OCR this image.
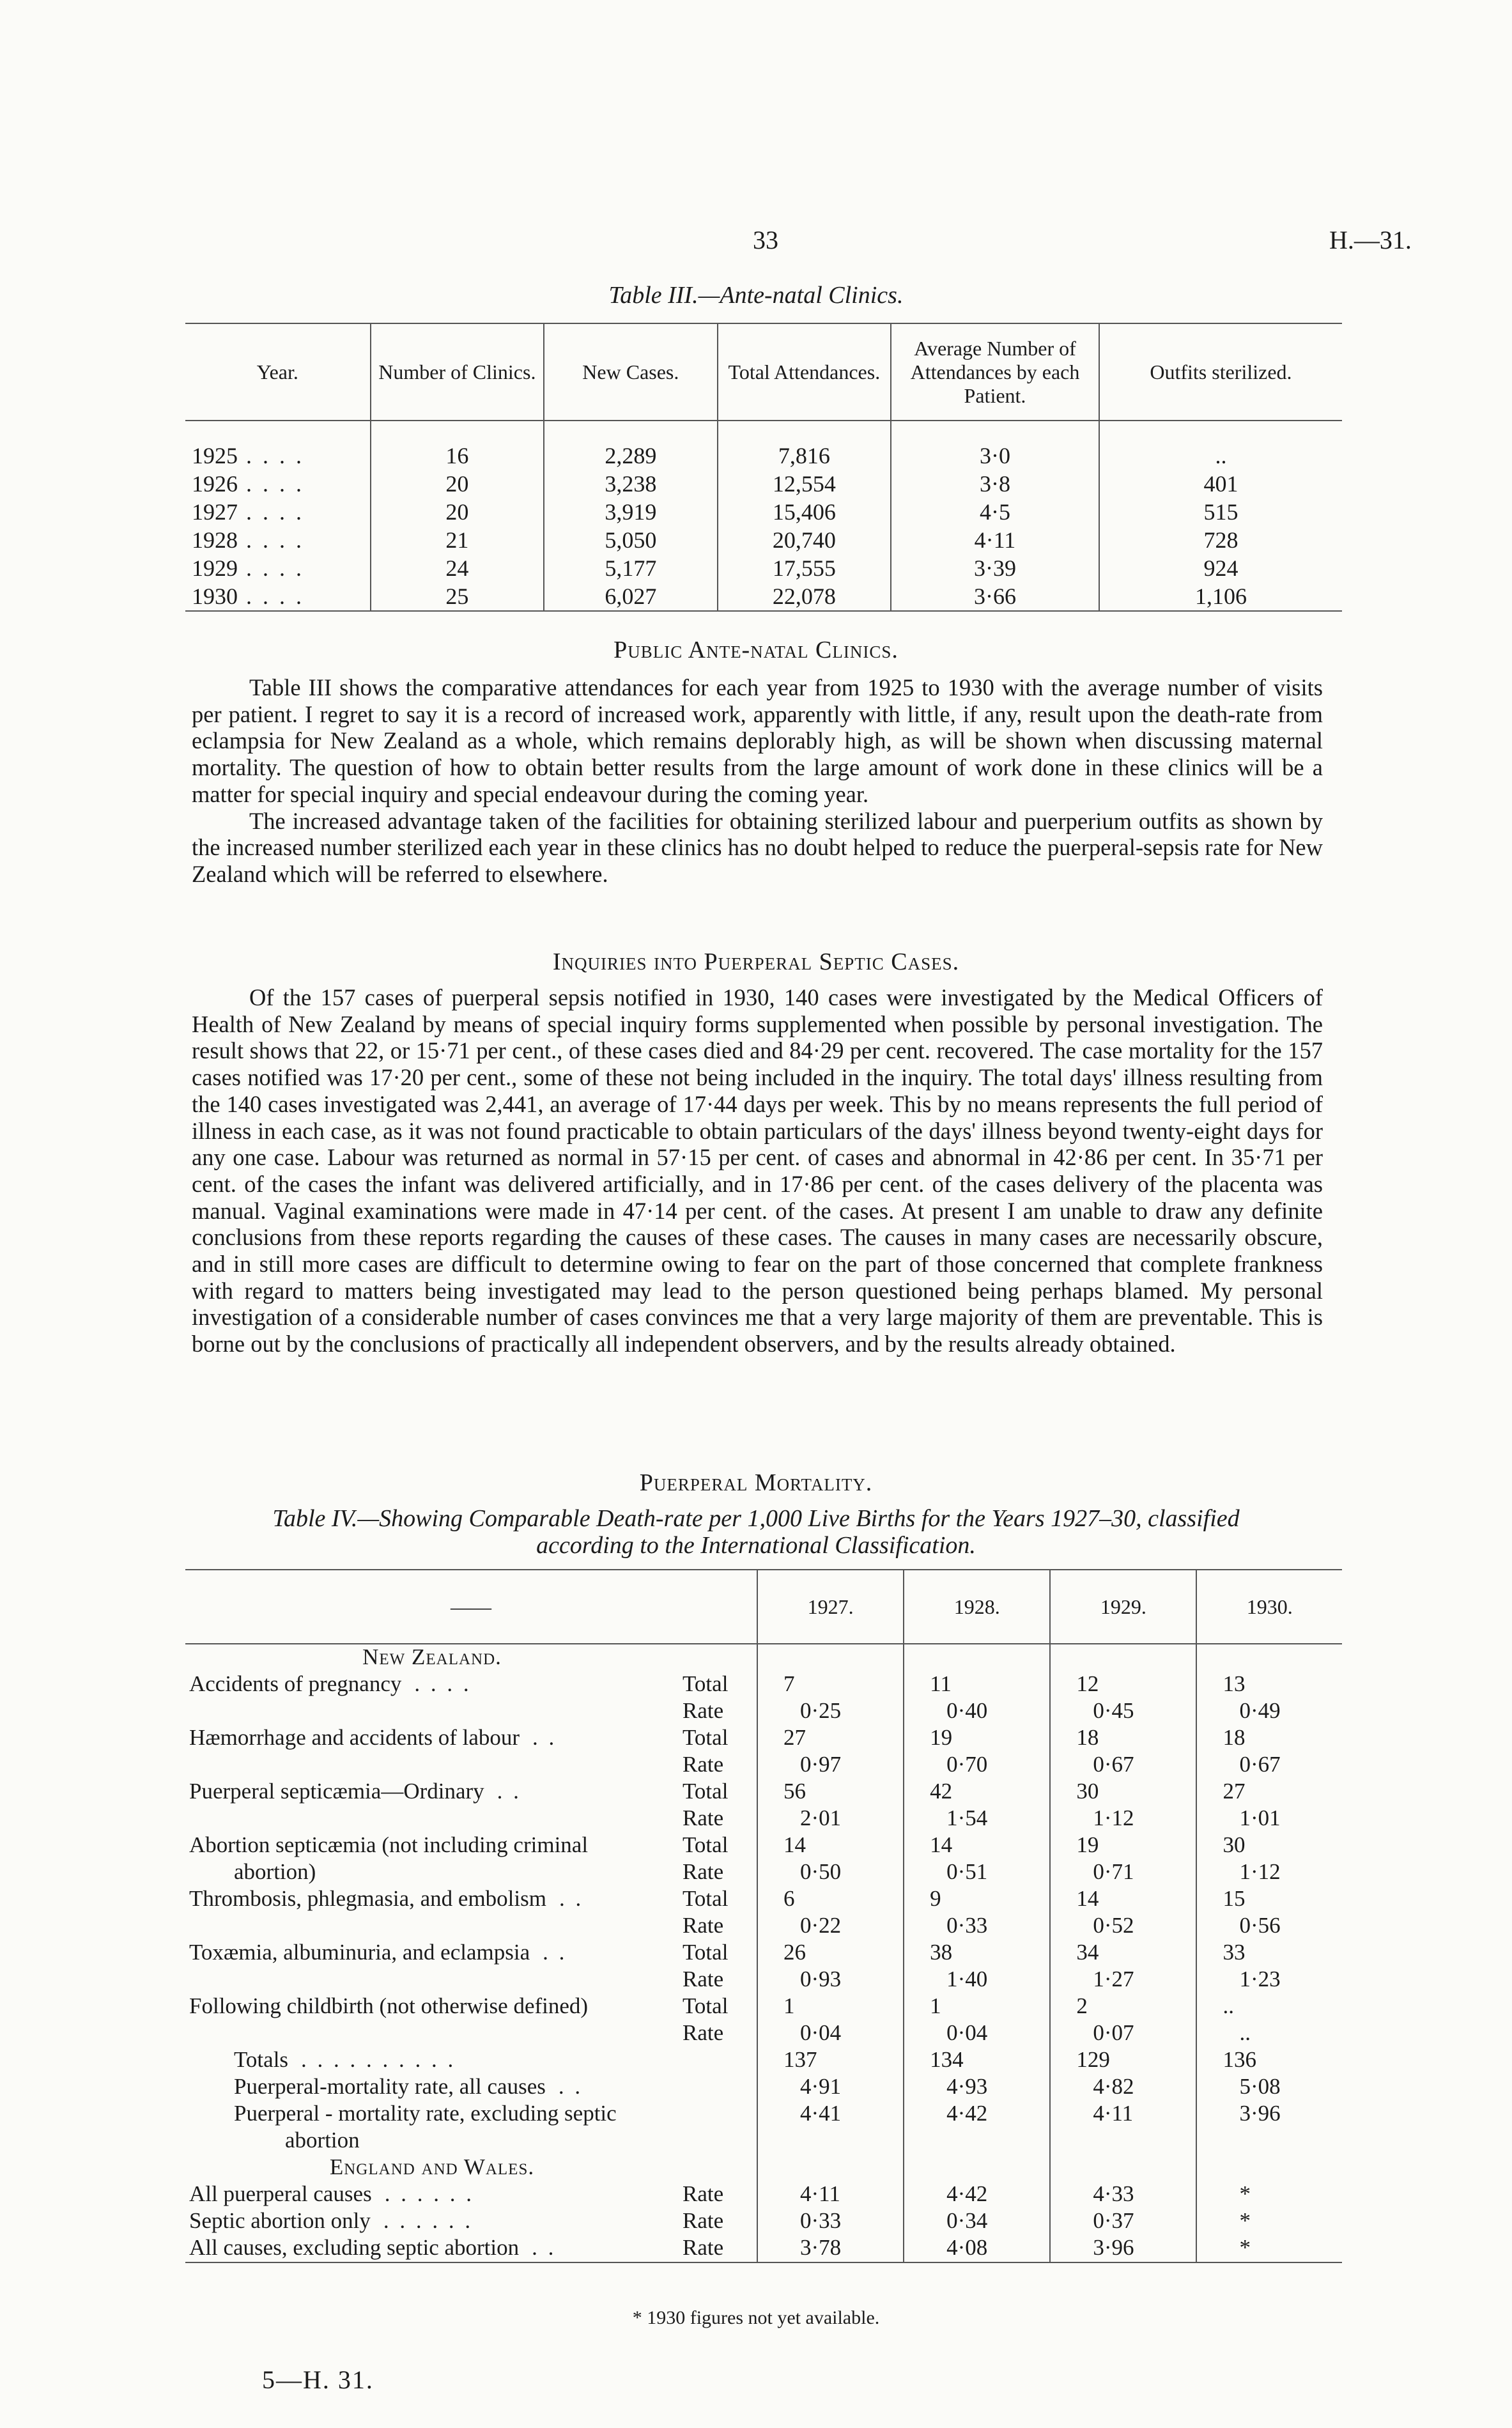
33	H.—31.
Table III.—Ante-natal Clinics.
Year.	Number of Clinics.	New Cases.	Total Attendances.	Average Number of Attendances by each Patient.	Outfits sterilized.
1925 . . . .	16	2,289	7,816	3·0	..
1926 . . . .	20	3,238	12,554	3·8	401
1927 . . . .	20	3,919	15,406	4·5	515
1928 . . . .	21	5,050	20,740	4·11	728
1929 . . . .	24	5,177	17,555	3·39	924
1930 . . . .	25	6,027	22,078	3·66	1,106
Public Ante-natal Clinics.

Table III shows the comparative attendances for each year from 1925 to 1930 with the average number of visits per patient. I regret to say it is a record of increased work, apparently with little, if any, result upon the death-rate from eclampsia for New Zealand as a whole, which remains deplorably high, as will be shown when discussing maternal mortality. The question of how to obtain better results from the large amount of work done in these clinics will be a matter for special inquiry and special endeavour during the coming year.

The increased advantage taken of the facilities for obtaining sterilized labour and puerperium outfits as shown by the increased number sterilized each year in these clinics has no doubt helped to reduce the puerperal-sepsis rate for New Zealand which will be referred to elsewhere.

Inquiries into Puerperal Septic Cases.

Of the 157 cases of puerperal sepsis notified in 1930, 140 cases were investigated by the Medical Officers of Health of New Zealand by means of special inquiry forms supplemented when possible by personal investigation. The result shows that 22, or 15·71 per cent., of these cases died and 84·29 per cent. recovered. The case mortality for the 157 cases notified was 17·20 per cent., some of these not being included in the inquiry. The total days' illness resulting from the 140 cases investigated was 2,441, an average of 17·44 days per week. This by no means represents the full period of illness in each case, as it was not found practicable to obtain particulars of the days' illness beyond twenty-eight days for any one case. Labour was returned as normal in 57·15 per cent. of cases and abnormal in 42·86 per cent. In 35·71 per cent. of the cases the infant was delivered artificially, and in 17·86 per cent. of the cases delivery of the placenta was manual. Vaginal examinations were made in 47·14 per cent. of the cases. At present I am unable to draw any definite conclusions from these reports regarding the causes of these cases. The causes in many cases are necessarily obscure, and in still more cases are difficult to determine owing to fear on the part of those concerned that complete frankness with regard to matters being investigated may lead to the person questioned being perhaps blamed. My personal investigation of a considerable number of cases convinces me that a very large majority of them are preventable. This is borne out by the conclusions of practically all independent observers, and by the results already obtained.

Puerperal Mortality.
Table IV.—Showing Comparable Death-rate per 1,000 Live Births for the Years 1927–30, classified
according to the International Classification.
——		1927.	1928.	1929.	1930.
New Zealand.					
Accidents of pregnancy . . . .	Total	7	11	12	13
	Rate	0·25	0·40	0·45	0·49
Hæmorrhage and accidents of labour . .	Total	27	19	18	18
	Rate	0·97	0·70	0·67	0·67
Puerperal septicæmia—Ordinary . .	Total	56	42	30	27
	Rate	2·01	1·54	1·12	1·01
Abortion septicæmia (not including criminal	Total	14	14	19	30
abortion)	Rate	0·50	0·51	0·71	1·12
Thrombosis, phlegmasia, and embolism . .	Total	6	9	14	15
	Rate	0·22	0·33	0·52	0·56
Toxæmia, albuminuria, and eclampsia . .	Total	26	38	34	33
	Rate	0·93	1·40	1·27	1·23
Following childbirth (not otherwise defined)	Total	1	1	2	..
	Rate	0·04	0·04	0·07	..
Totals . . . . . . . . . .		137	134	129	136
Puerperal-mortality rate, all causes . .		4·91	4·93	4·82	5·08
Puerperal - mortality rate, excluding septic		4·41	4·42	4·11	3·96
abortion					
England and Wales.					
All puerperal causes . . . . . .	Rate	4·11	4·42	4·33	*
Septic abortion only . . . . . .	Rate	0·33	0·34	0·37	*
All causes, excluding septic abortion . .	Rate	3·78	4·08	3·96	*
* 1930 figures not yet available.
5—H. 31.
